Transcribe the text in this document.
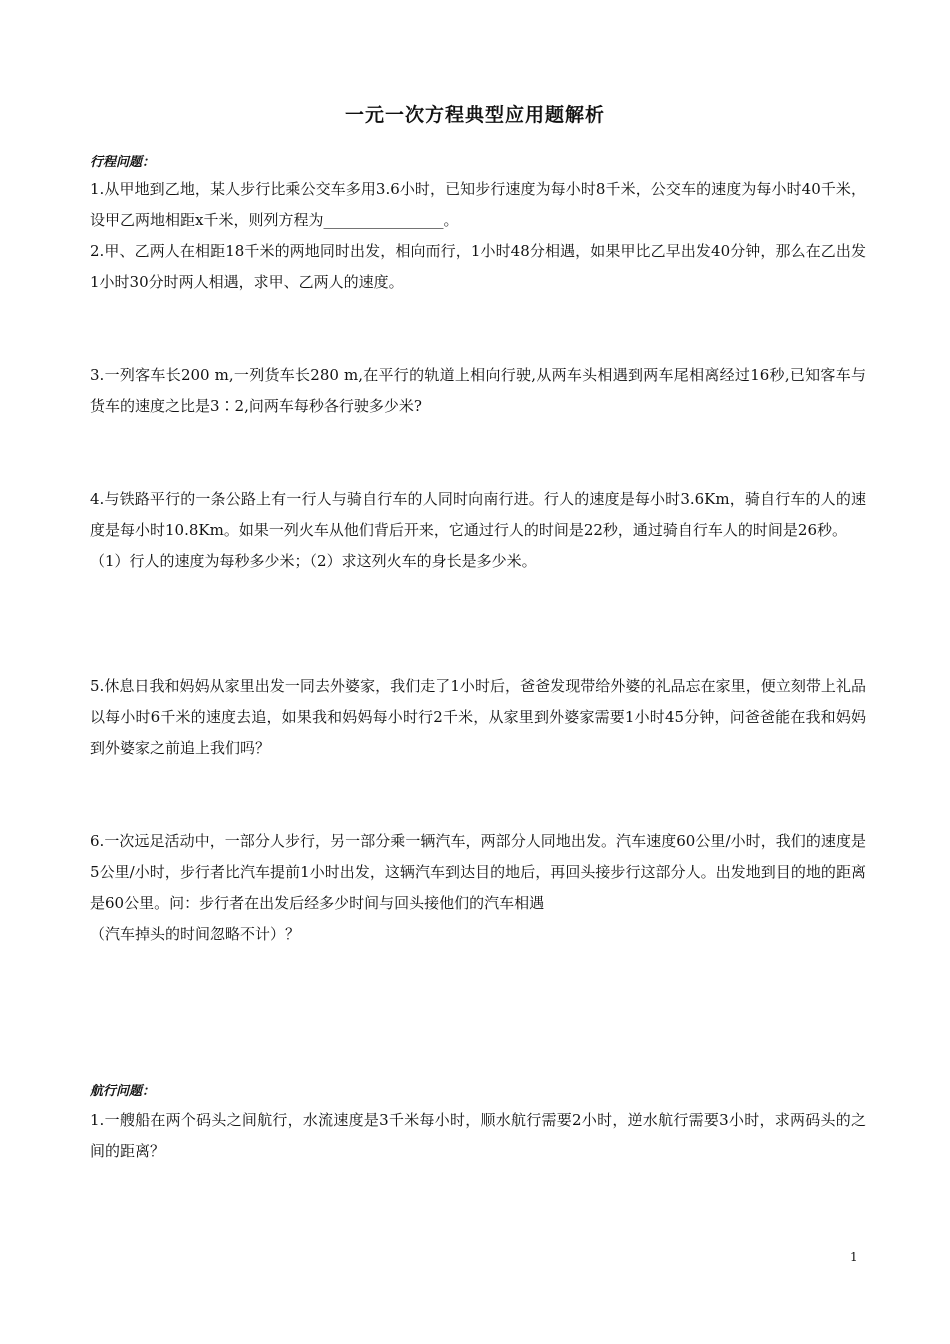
一元一次方程典型应用题解析
行程问题：

1.从甲地到乙地，某人步行比乘公交车多用3.6小时，已知步行速度为每小时8千米，公交车的速度为每小时40千米，设甲乙两地相距x千米，则列方程为________________。

2.甲、乙两人在相距18千米的两地同时出发，相向而行，1小时48分相遇，如果甲比乙早出发40分钟，那么在乙出发1小时30分时两人相遇，求甲、乙两人的速度。

3.一列客车长200 m,一列货车长280 m,在平行的轨道上相向行驶,从两车头相遇到两车尾相离经过16秒,已知客车与货车的速度之比是3∶2,问两车每秒各行驶多少米?

4.与铁路平行的一条公路上有一行人与骑自行车的人同时向南行进。行人的速度是每小时3.6Km，骑自行车的人的速度是每小时10.8Km。如果一列火车从他们背后开来，它通过行人的时间是22秒，通过骑自行车人的时间是26秒。

（1）行人的速度为每秒多少米；（2）求这列火车的身长是多少米。

5.休息日我和妈妈从家里出发一同去外婆家，我们走了1小时后，爸爸发现带给外婆的礼品忘在家里，便立刻带上礼品以每小时6千米的速度去追，如果我和妈妈每小时行2千米，从家里到外婆家需要1小时45分钟，问爸爸能在我和妈妈到外婆家之前追上我们吗？

6.一次远足活动中，一部分人步行，另一部分乘一辆汽车，两部分人同地出发。汽车速度60公里/小时，我们的速度是5公里/小时，步行者比汽车提前1小时出发，这辆汽车到达目的地后，再回头接步行这部分人。出发地到目的地的距离是60公里。问：步行者在出发后经多少时间与回头接他们的汽车相遇

（汽车掉头的时间忽略不计）？

航行问题：

1.一艘船在两个码头之间航行，水流速度是3千米每小时，顺水航行需要2小时，逆水航行需要3小时，求两码头的之间的距离？

1
